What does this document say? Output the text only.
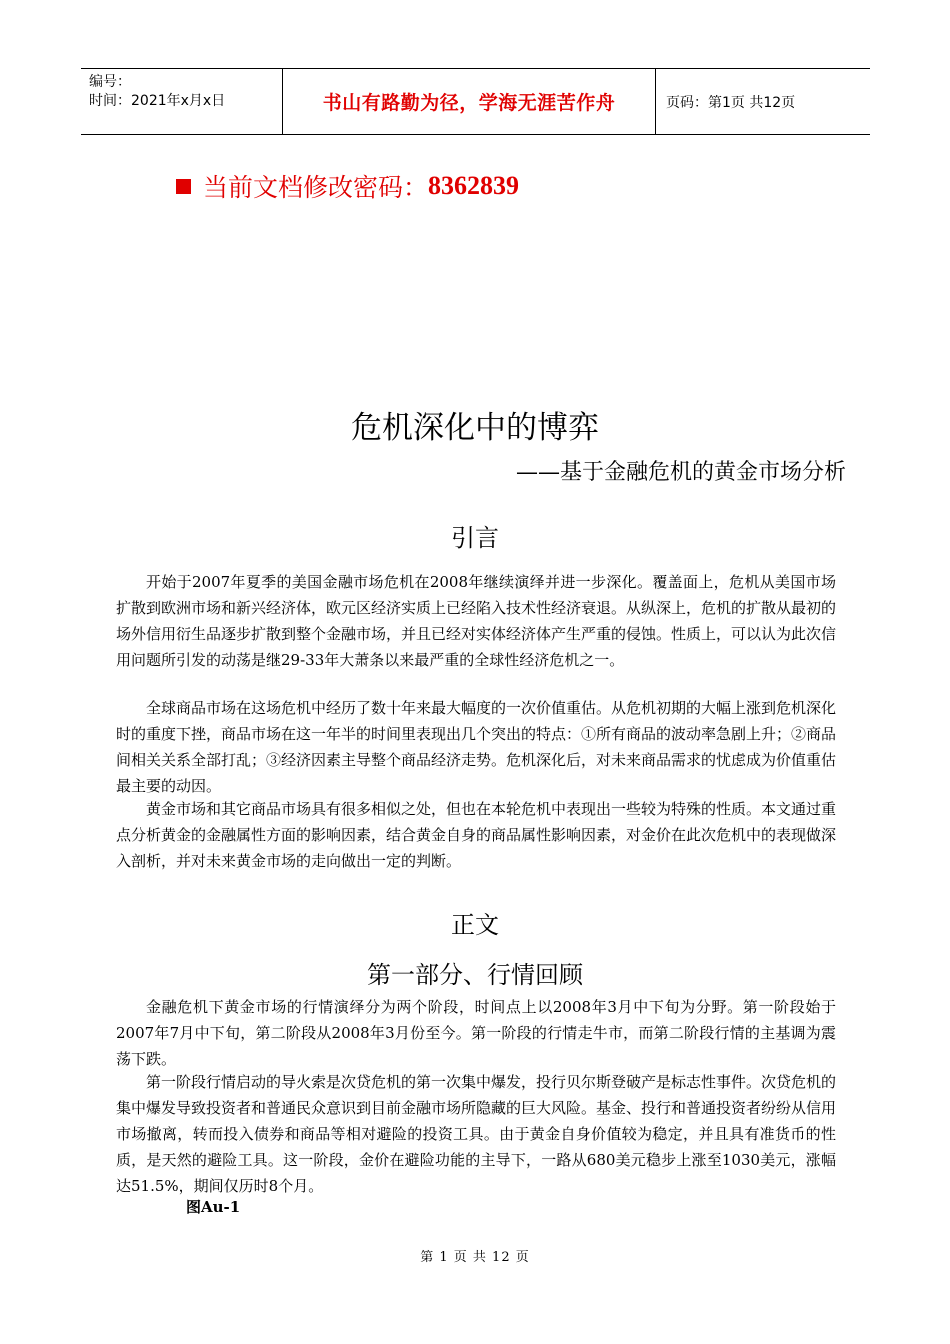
编号：
时间：2021年x月x日	书山有路勤为径，学海无涯苦作舟	页码：第1页 共12页
当前文档修改密码： 8362839
危机深化中的博弈
——基于金融危机的黄金市场分析
引言

开始于2007年夏季的美国金融市场危机在2008年继续演绎并进一步深化。覆盖面上，危机从美国市场扩散到欧洲市场和新兴经济体，欧元区经济实质上已经陷入技术性经济衰退。从纵深上，危机的扩散从最初的场外信用衍生品逐步扩散到整个金融市场，并且已经对实体经济体产生严重的侵蚀。性质上，可以认为此次信用问题所引发的动荡是继29-33年大萧条以来最严重的全球性经济危机之一。

全球商品市场在这场危机中经历了数十年来最大幅度的一次价值重估。从危机初期的大幅上涨到危机深化时的重度下挫，商品市场在这一年半的时间里表现出几个突出的特点：①所有商品的波动率急剧上升；②商品间相关关系全部打乱；③经济因素主导整个商品经济走势。危机深化后，对未来商品需求的忧虑成为价值重估最主要的动因。

黄金市场和其它商品市场具有很多相似之处，但也在本轮危机中表现出一些较为特殊的性质。本文通过重点分析黄金的金融属性方面的影响因素，结合黄金自身的商品属性影响因素，对金价在此次危机中的表现做深入剖析，并对未来黄金市场的走向做出一定的判断。

正文
第一部分、行情回顾

金融危机下黄金市场的行情演绎分为两个阶段，时间点上以2008年3月中下旬为分野。第一阶段始于2007年7月中下旬，第二阶段从2008年3月份至今。第一阶段的行情走牛市，而第二阶段行情的主基调为震荡下跌。

第一阶段行情启动的导火索是次贷危机的第一次集中爆发，投行贝尔斯登破产是标志性事件。次贷危机的集中爆发导致投资者和普通民众意识到目前金融市场所隐藏的巨大风险。基金、投行和普通投资者纷纷从信用市场撤离，转而投入债券和商品等相对避险的投资工具。由于黄金自身价值较为稳定，并且具有准货币的性质，是天然的避险工具。这一阶段，金价在避险功能的主导下，一路从680美元稳步上涨至1030美元，涨幅达51.5%，期间仅历时8个月。

图Au-1
第 1 页 共 12 页
